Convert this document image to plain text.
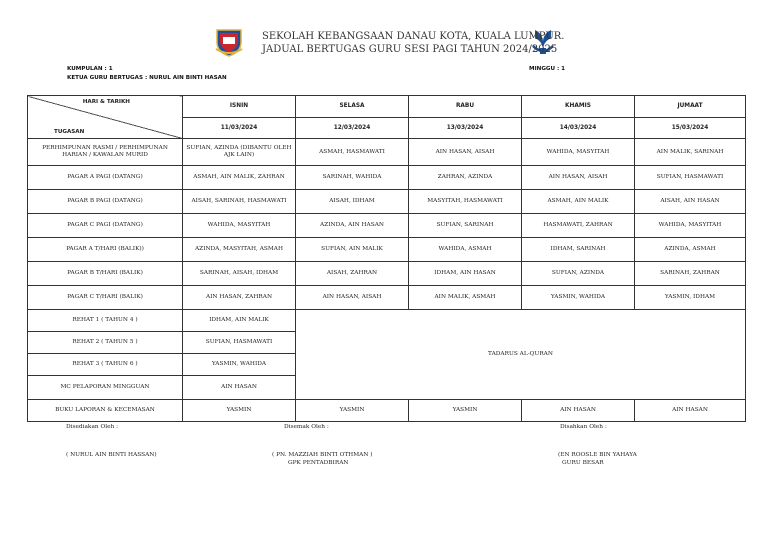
SEKOLAH KEBANGSAAN DANAU KOTA, KUALA LUMPUR.
JADUAL BERTUGAS GURU SESI PAGI TAHUN 2024/2025
KUMPULAN : 1
KETUA GURU BERTUGAS : NURUL AIN BINTI HASAN
MINGGU : 1
HARI & TARIKH
TUGASAN	ISNIN	SELASA	RABU	KHAMIS	JUMAAT
	11/03/2024	12/03/2024	13/03/2024	14/03/2024	15/03/2024
PERHIMPUNAN RASMI / PERHIMPUNAN HARIAN / KAWALAN MURID	SUFIAN, AZINDA (DIBANTU OLEH AJK LAIN)	ASMAH, HASMAWATI	AIN HASAN, AISAH	WAHIDA, MASYITAH	AIN MALIK, SARINAH
PAGAR A PAGI (DATANG)	ASMAH, AIN MALIK, ZAHRAN	SARINAH, WAHIDA	ZAHRAN, AZINDA	AIN HASAN, AISAH	SUFIAN, HASMAWATI
PAGAR B PAGI (DATANG)	AISAH, SARINAH, HASMAWATI	AISAH, IDHAM	MASYITAH, HASMAWATI	ASMAH, AIN MALIK	AISAH, AIN HASAN
PAGAR C PAGI (DATANG)	WAHIDA, MASYITAH	AZINDA, AIN HASAN	SUFIAN, SARINAH	HASMAWATI, ZAHRAN	WAHIDA, MASYITAH
PAGAR A T/HARI (BALIK))	AZINDA, MASYITAH, ASMAH	SUFIAN, AIN MALIK	WAHIDA, ASMAH	IDHAM, SARINAH	AZINDA, ASMAH
PAGAR B T/HARI (BALIK)	SARINAH, AISAH, IDHAM	AISAH, ZAHRAN	IDHAM, AIN HASAN	SUFIAN, AZINDA	SARINAH, ZAHRAN
PAGAR C T/HARI (BALIK)	AIN HASAN, ZAHRAN	AIN HASAN, AISAH	AIN MALIK, ASMAH	YASMIN, WAHIDA	YASMIN, IDHAM
REHAT 1 ( TAHUN 4 )	IDHAM, AIN MALIK	TADARUS AL-QURAN			
REHAT 2 ( TAHUN 5 )	SUFIAN, HASMAWATI				
REHAT 3 ( TAHUN 6 )	YASMIN, WAHIDA				
MC PELAPORAN MINGGUAN	AIN HASAN				
BUKU LAPORAN & KECEMASAN	YASMIN	YASMIN	YASMIN	AIN HASAN	AIN HASAN
Disediakan Oleh :
( NURUL AIN BINTI HASSAN)
Disemak Oleh :
( PN. MAZZIAH BINTI OTHMAN )
GPK PENTADBIRAN
Disahkan Oleh :
(EN ROOSLE BIN YAHAYA
GURU BESAR
